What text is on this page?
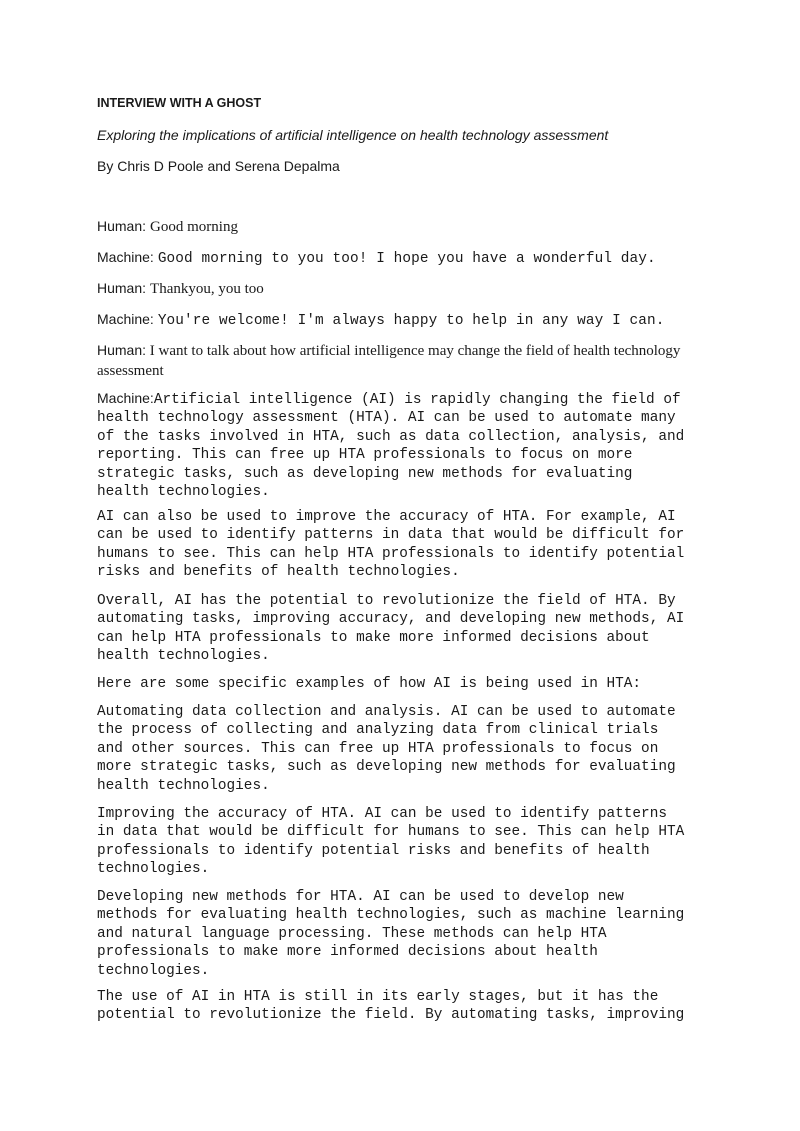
INTERVIEW WITH A GHOST
Exploring the implications of artificial intelligence on health technology assessment
By Chris D Poole and Serena Depalma
Human: Good morning
Machine: Good morning to you too! I hope you have a wonderful day.
Human: Thankyou, you too
Machine: You're welcome! I'm always happy to help in any way I can.
Human: I want to talk about how artificial intelligence may change the field of health technology
assessment
Machine:Artificial intelligence (AI) is rapidly changing the field of
health technology assessment (HTA). AI can be used to automate many
of the tasks involved in HTA, such as data collection, analysis, and
reporting. This can free up HTA professionals to focus on more
strategic tasks, such as developing new methods for evaluating
health technologies.
AI can also be used to improve the accuracy of HTA. For example, AI
can be used to identify patterns in data that would be difficult for
humans to see. This can help HTA professionals to identify potential
risks and benefits of health technologies.
Overall, AI has the potential to revolutionize the field of HTA. By
automating tasks, improving accuracy, and developing new methods, AI
can help HTA professionals to make more informed decisions about
health technologies.
Here are some specific examples of how AI is being used in HTA:
Automating data collection and analysis. AI can be used to automate
the process of collecting and analyzing data from clinical trials
and other sources. This can free up HTA professionals to focus on
more strategic tasks, such as developing new methods for evaluating
health technologies.
Improving the accuracy of HTA. AI can be used to identify patterns
in data that would be difficult for humans to see. This can help HTA
professionals to identify potential risks and benefits of health
technologies.
Developing new methods for HTA. AI can be used to develop new
methods for evaluating health technologies, such as machine learning
and natural language processing. These methods can help HTA
professionals to make more informed decisions about health
technologies.
The use of AI in HTA is still in its early stages, but it has the
potential to revolutionize the field. By automating tasks, improving
